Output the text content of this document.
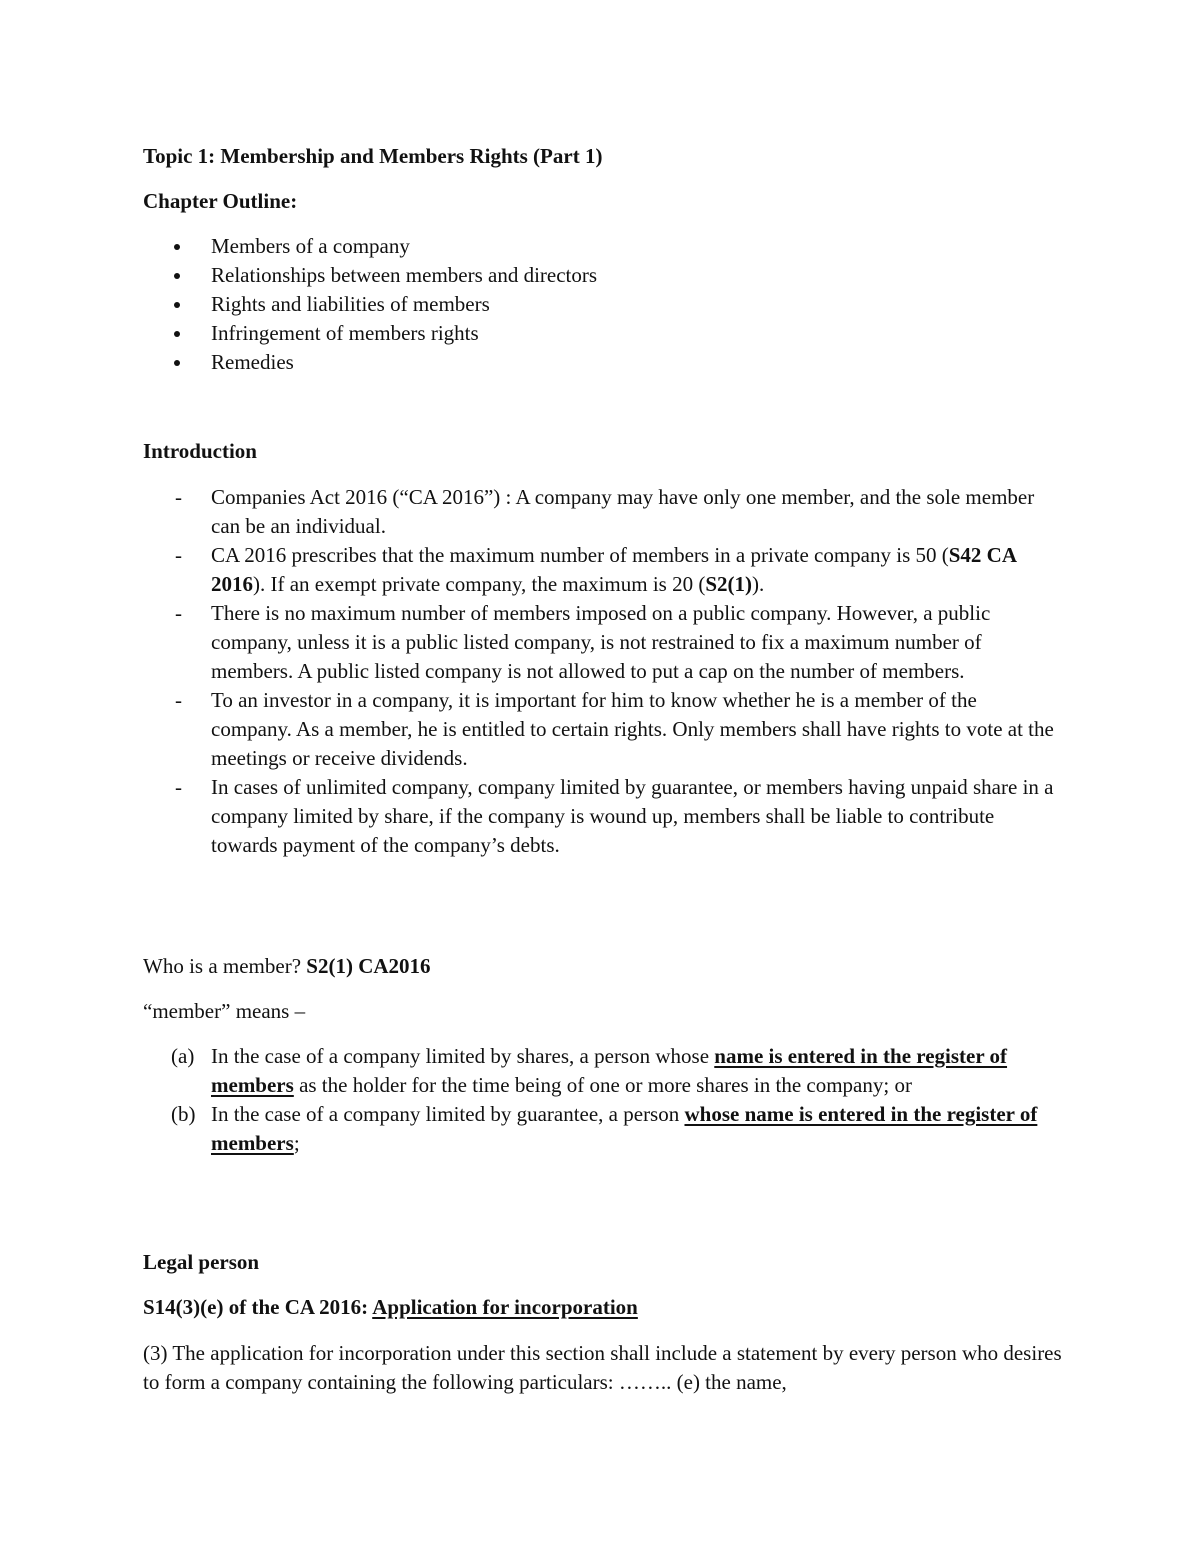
Topic 1: Membership and Members Rights (Part 1)

Chapter Outline:

Members of a company
Relationships between members and directors
Rights and liabilities of members
Infringement of members rights
Remedies

Introduction

- Companies Act 2016 (“CA 2016”) : A company may have only one member, and the sole member can be an individual.
- CA 2016 prescribes that the maximum number of members in a private company is 50 (S42 CA 2016). If an exempt private company, the maximum is 20 (S2(1)).
- There is no maximum number of members imposed on a public company. However, a public company, unless it is a public listed company, is not restrained to fix a maximum number of members. A public listed company is not allowed to put a cap on the number of members.
- To an investor in a company, it is important for him to know whether he is a member of the company. As a member, he is entitled to certain rights. Only members shall have rights to vote at the meetings or receive dividends.
- In cases of unlimited company, company limited by guarantee, or members having unpaid share in a company limited by share, if the company is wound up, members shall be liable to contribute towards payment of the company’s debts.

Who is a member? S2(1) CA2016

“member” means –

(a) In the case of a company limited by shares, a person whose name is entered in the register of members as the holder for the time being of one or more shares in the company; or
(b) In the case of a company limited by guarantee, a person whose name is entered in the register of members;

Legal person

S14(3)(e) of the CA 2016: Application for incorporation

(3) The application for incorporation under this section shall include a statement by every person who desires to form a company containing the following particulars: …….. (e) the name,
